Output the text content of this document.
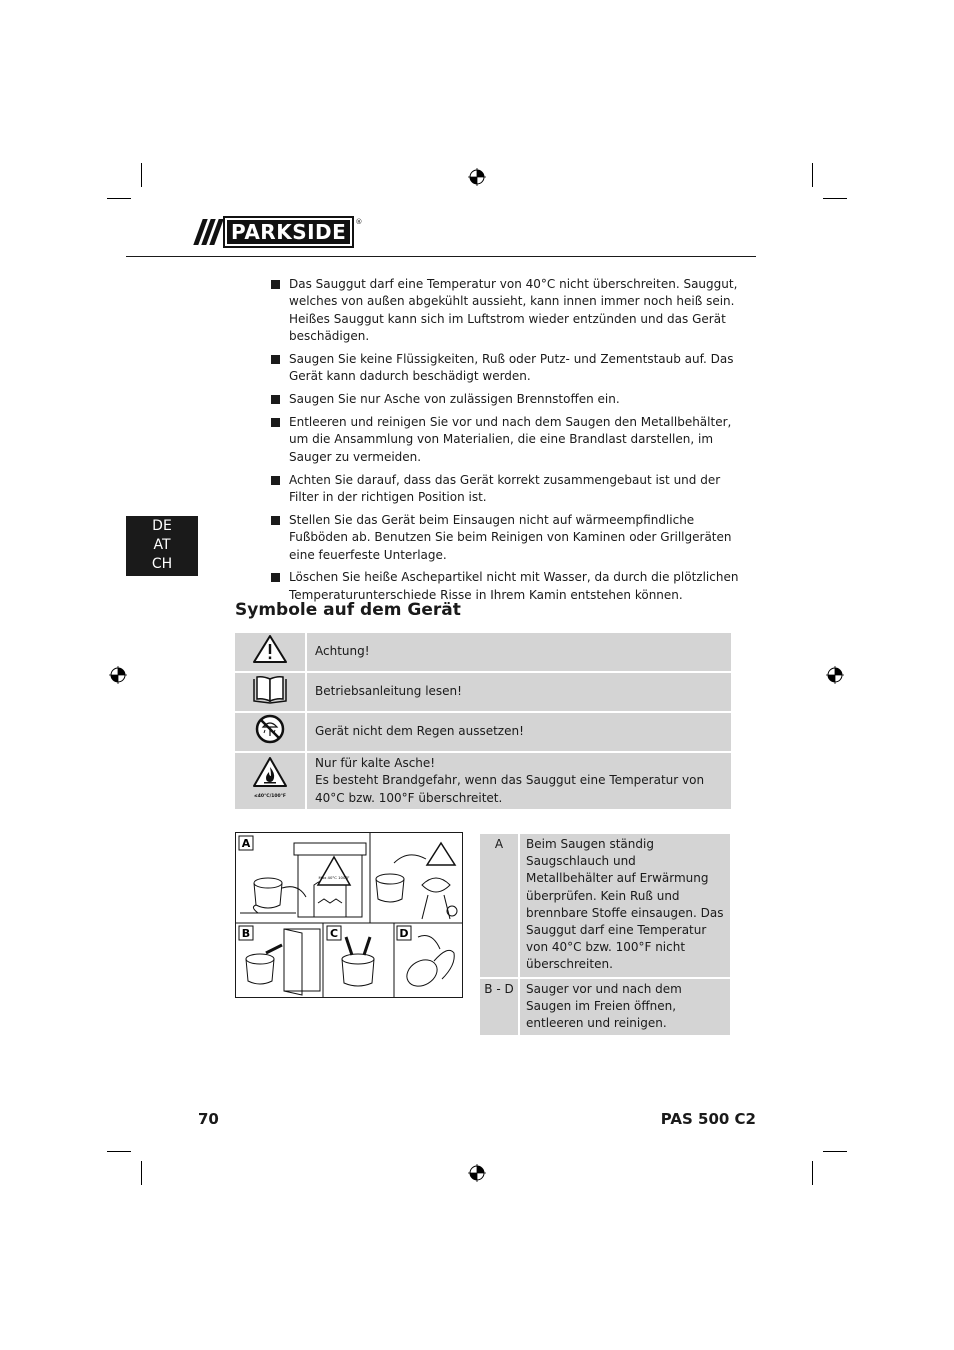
PARKSIDE	®
DE
AT
CH
Das Sauggut darf eine Temperatur von 40°C nicht überschreiten. Sauggut, welches von außen abgekühlt aussieht, kann innen immer noch heiß sein. Heißes Sauggut kann sich im Luftstrom wieder entzünden und das Gerät beschädigen.
Saugen Sie keine Flüssigkeiten, Ruß oder Putz- und Zementstaub auf. Das Gerät kann dadurch beschädigt werden.
Saugen Sie nur Asche von zulässigen Brennstoffen ein.
Entleeren und reinigen Sie vor und nach dem Saugen den Metallbehälter, um die Ansammlung von Materialien, die eine Brandlast darstellen, im Sauger zu vermeiden.
Achten Sie darauf, dass das Gerät korrekt zusammengebaut ist und der Filter in der richtigen Position ist.
Stellen Sie das Gerät beim Einsaugen nicht auf wärmeempfindliche Fußböden ab. Benutzen Sie beim Reinigen von Kaminen oder Grillgeräten eine feuerfeste Unterlage.
Löschen Sie heiße Aschepartikel nicht mit Wasser, da durch die plötzlichen Temperaturunterschiede Risse in Ihrem Kamin entstehen können.
Symbole auf dem Gerät
	Achtung!
	Betriebsanleitung lesen!
	Gerät nicht dem Regen aussetzen!

≤40°C/100°F	Nur für kalte Asche!
Es besteht Brandgefahr, wenn das Sauggut eine Temperatur von 40°C bzw. 100°F überschreitet.
A
B	C	D
Max 40°C 100°F
A	Beim Saugen ständig Saugschlauch und Metallbehälter auf Erwärmung überprüfen. Kein Ruß und brennbare Stoffe einsaugen. Das Sauggut darf eine Temperatur von 40°C bzw. 100°F nicht überschreiten.
B - D	Sauger vor und nach dem Saugen im Freien öffnen, entleeren und reinigen.
70	PAS 500 C2
